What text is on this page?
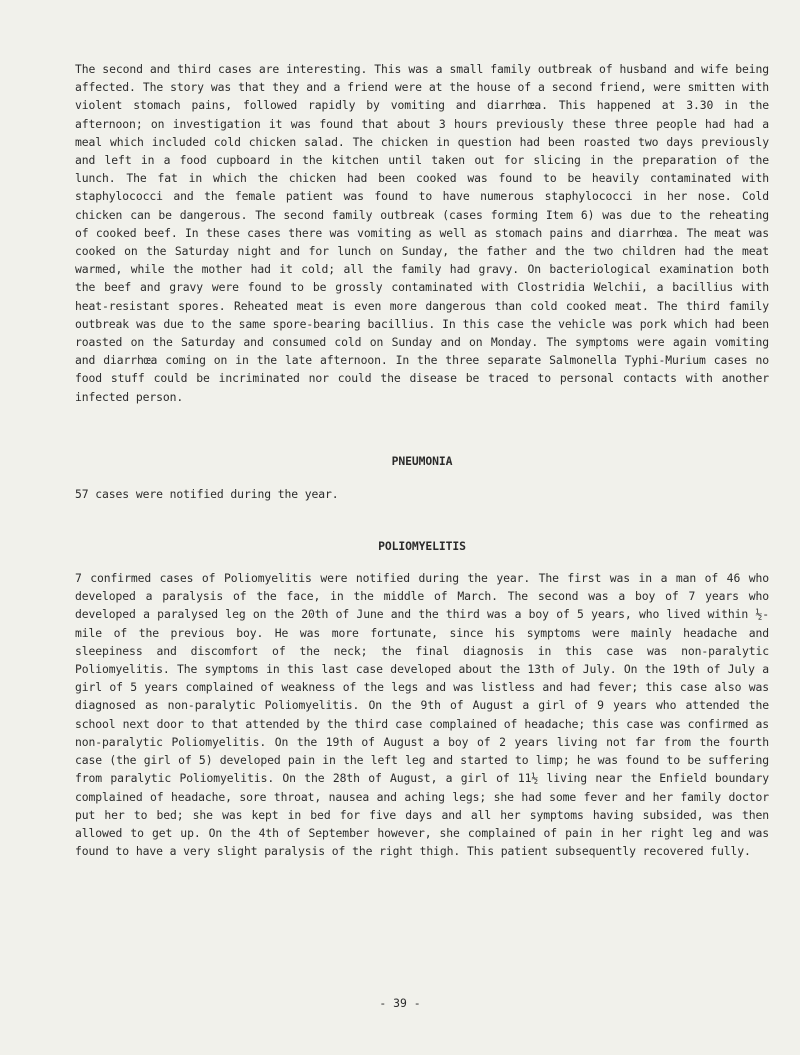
The second and third cases are interesting. This was a small family outbreak of husband and wife being affected. The story was that they and a friend were at the house of a second friend, were smitten with violent stomach pains, followed rapidly by vomiting and diarrhœa. This happened at 3.30 in the afternoon; on investigation it was found that about 3 hours previously these three people had had a meal which included cold chicken salad. The chicken in question had been roasted two days previously and left in a food cupboard in the kitchen until taken out for slicing in the preparation of the lunch. The fat in which the chicken had been cooked was found to be heavily contaminated with staphylococci and the female patient was found to have numerous staphylococci in her nose. Cold chicken can be dangerous. The second family outbreak (cases forming Item 6) was due to the reheating of cooked beef. In these cases there was vomiting as well as stomach pains and diarrhœa. The meat was cooked on the Saturday night and for lunch on Sunday, the father and the two children had the meat warmed, while the mother had it cold; all the family had gravy. On bacteriological examination both the beef and gravy were found to be grossly contaminated with Clostridia Welchii, a bacillius with heat-resistant spores. Reheated meat is even more dangerous than cold cooked meat. The third family outbreak was due to the same spore-bearing bacillius. In this case the vehicle was pork which had been roasted on the Saturday and consumed cold on Sunday and on Monday. The symptoms were again vomiting and diarrhœa coming on in the late afternoon. In the three separate Salmonella Typhi-Murium cases no food stuff could be incriminated nor could the disease be traced to personal contacts with another infected person.

PNEUMONIA

57 cases were notified during the year.

POLIOMYELITIS

7 confirmed cases of Poliomyelitis were notified during the year. The first was in a man of 46 who developed a paralysis of the face, in the middle of March. The second was a boy of 7 years who developed a paralysed leg on the 20th of June and the third was a boy of 5 years, who lived within ½-mile of the previous boy. He was more fortunate, since his symptoms were mainly headache and sleepiness and discomfort of the neck; the final diagnosis in this case was non-paralytic Poliomyelitis. The symptoms in this last case developed about the 13th of July. On the 19th of July a girl of 5 years complained of weakness of the legs and was listless and had fever; this case also was diagnosed as non-paralytic Poliomyelitis. On the 9th of August a girl of 9 years who attended the school next door to that attended by the third case complained of headache; this case was confirmed as non-paralytic Poliomyelitis. On the 19th of August a boy of 2 years living not far from the fourth case (the girl of 5) developed pain in the left leg and started to limp; he was found to be suffering from paralytic Poliomyelitis. On the 28th of August, a girl of 11½ living near the Enfield boundary complained of headache, sore throat, nausea and aching legs; she had some fever and her family doctor put her to bed; she was kept in bed for five days and all her symptoms having subsided, was then allowed to get up. On the 4th of September however, she complained of pain in her right leg and was found to have a very slight paralysis of the right thigh. This patient subsequently recovered fully.

- 39 -
